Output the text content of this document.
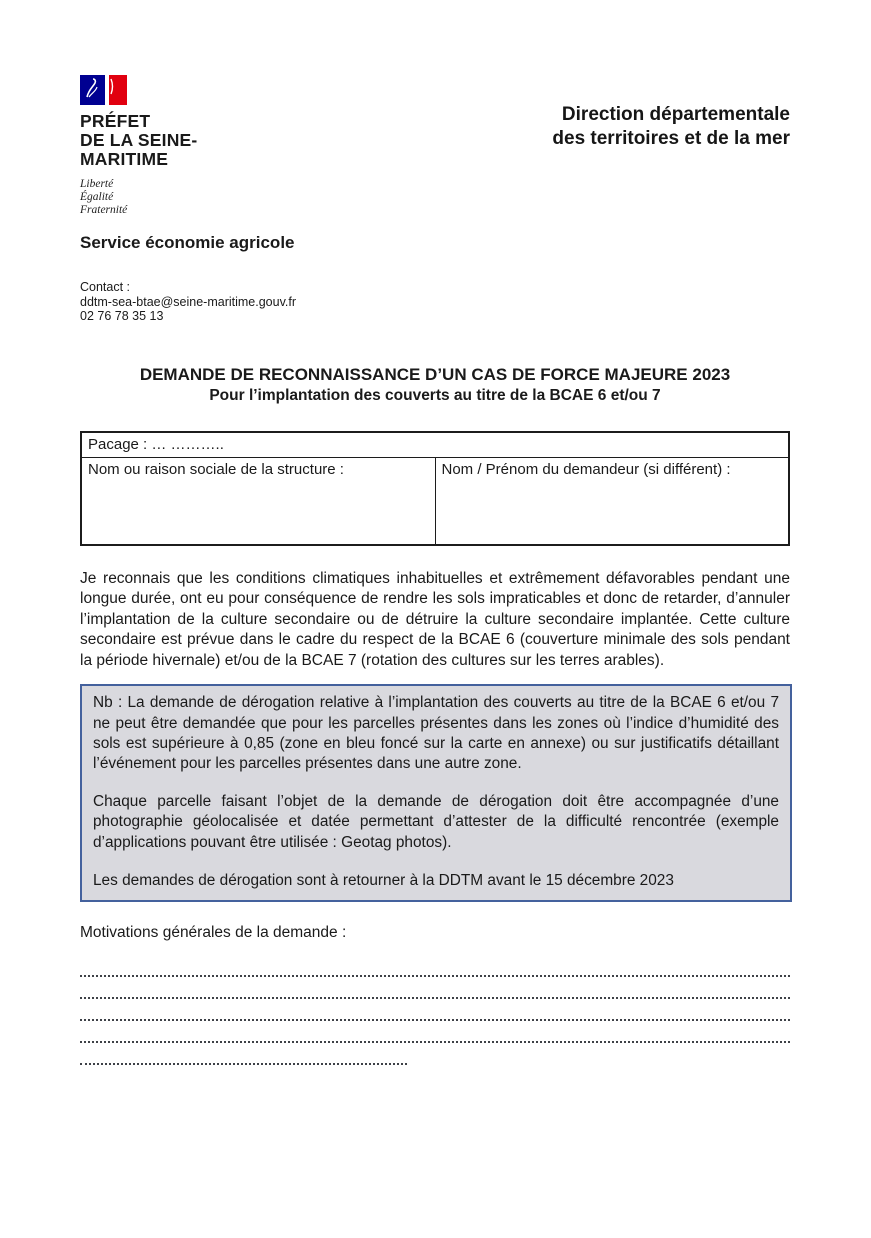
PRÉFET
DE LA SEINE-
MARITIME
Liberté
Égalité
Fraternité
Direction départementale
des territoires et de la mer
Service économie agricole
Contact :
ddtm-sea-btae@seine-maritime.gouv.fr
02 76 78 35 13
DEMANDE DE RECONNAISSANCE D’UN CAS DE FORCE MAJEURE 2023
Pour l’implantation des couverts au titre de la BCAE 6 et/ou 7
Pacage : … ………..
Nom ou raison sociale de la structure :	Nom / Prénom du demandeur (si différent) :

Je reconnais que les conditions climatiques inhabituelles et extrêmement défavorables pendant une longue durée, ont eu pour conséquence de rendre les sols impraticables et donc de retarder, d’annuler l’implantation de la culture secondaire ou de détruire la culture secondaire implantée. Cette culture secondaire est prévue dans le cadre du respect de la BCAE 6 (couverture minimale des sols pendant la période hivernale) et/ou de la BCAE 7 (rotation des cultures sur les terres arables).

Nb : La demande de dérogation relative à l’implantation des couverts au titre de la BCAE 6 et/ou 7 ne peut être demandée que pour les parcelles présentes dans les zones où l’indice d’humidité des sols est supérieure à 0,85 (zone en bleu foncé sur la carte en annexe) ou sur justificatifs détaillant l’événement pour les parcelles présentes dans une autre zone.

Chaque parcelle faisant l’objet de la demande de dérogation doit être accompagnée d’une photographie géolocalisée et datée permettant d’attester de la difficulté rencontrée (exemple d’applications pouvant être utilisée : Geotag photos).

Les demandes de dérogation sont à retourner à la DDTM avant le 15 décembre 2023

Motivations générales de la demande :
